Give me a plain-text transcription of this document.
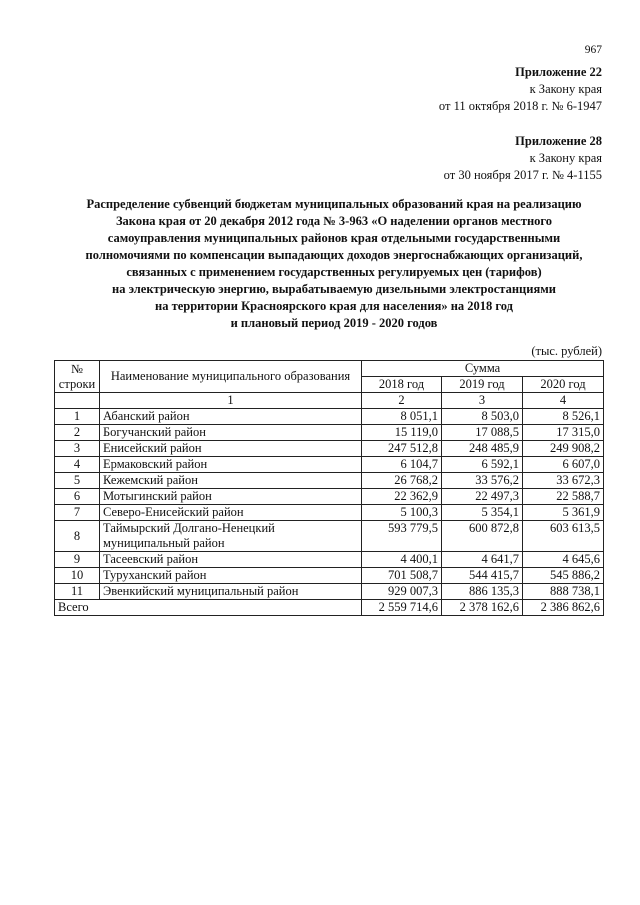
967
Приложение 22
к Закону края
от 11 октября 2018 г. № 6-1947
Приложение 28
к Закону края
от 30 ноября 2017 г. № 4-1155
Распределение субвенций бюджетам муниципальных образований края на реализацию
Закона края от 20 декабря 2012 года № 3-963 «О наделении органов местного
самоуправления муниципальных районов края отдельными государственными
полномочиями по компенсации выпадающих доходов энергоснабжающих организаций,
связанных с применением государственных регулируемых цен (тарифов)
на электрическую энергию, вырабатываемую дизельными электростанциями
на территории Красноярского края для населения» на 2018 год
и плановый период 2019 - 2020 годов
(тыс. рублей)
№ строки	Наименование муниципального образования	Сумма		
		2018 год	2019 год	2020 год
	1	2	3	4
1	Абанский район	8 051,1	8 503,0	8 526,1
2	Богучанский район	15 119,0	17 088,5	17 315,0
3	Енисейский район	247 512,8	248 485,9	249 908,2
4	Ермаковский район	6 104,7	6 592,1	6 607,0
5	Кежемский район	26 768,2	33 576,2	33 672,3
6	Мотыгинский район	22 362,9	22 497,3	22 588,7
7	Северо-Енисейский район	5 100,3	5 354,1	5 361,9
8	Таймырский Долгано-Ненецкий муниципальный район	593 779,5	600 872,8	603 613,5
9	Тасеевский район	4 400,1	4 641,7	4 645,6
10	Туруханский район	701 508,7	544 415,7	545 886,2
11	Эвенкийский муниципальный район	929 007,3	886 135,3	888 738,1
Всего		2 559 714,6	2 378 162,6	2 386 862,6
